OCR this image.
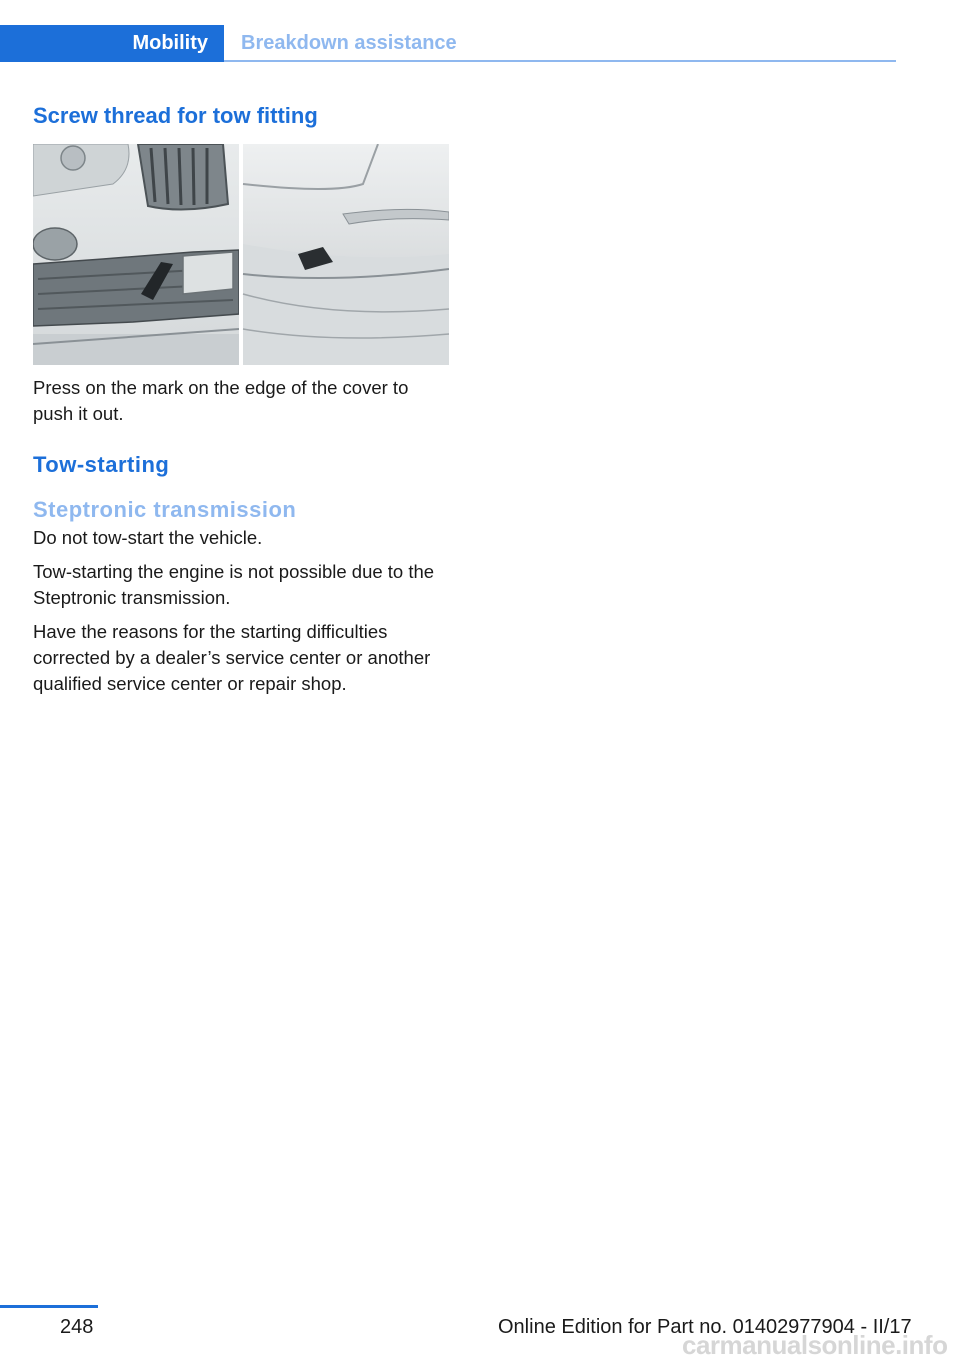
Mobility	Breakdown assistance
Screw thread for tow fitting

Press on the mark on the edge of the cover to push it out.

Tow-starting
Steptronic transmission

Do not tow-start the vehicle.

Tow-starting the engine is not possible due to the Steptronic transmission.

Have the reasons for the starting difficulties corrected by a dealer’s service center or another qualified service center or repair shop.

248	Online Edition for Part no. 01402977904 - II/17
carmanualsonline.info
